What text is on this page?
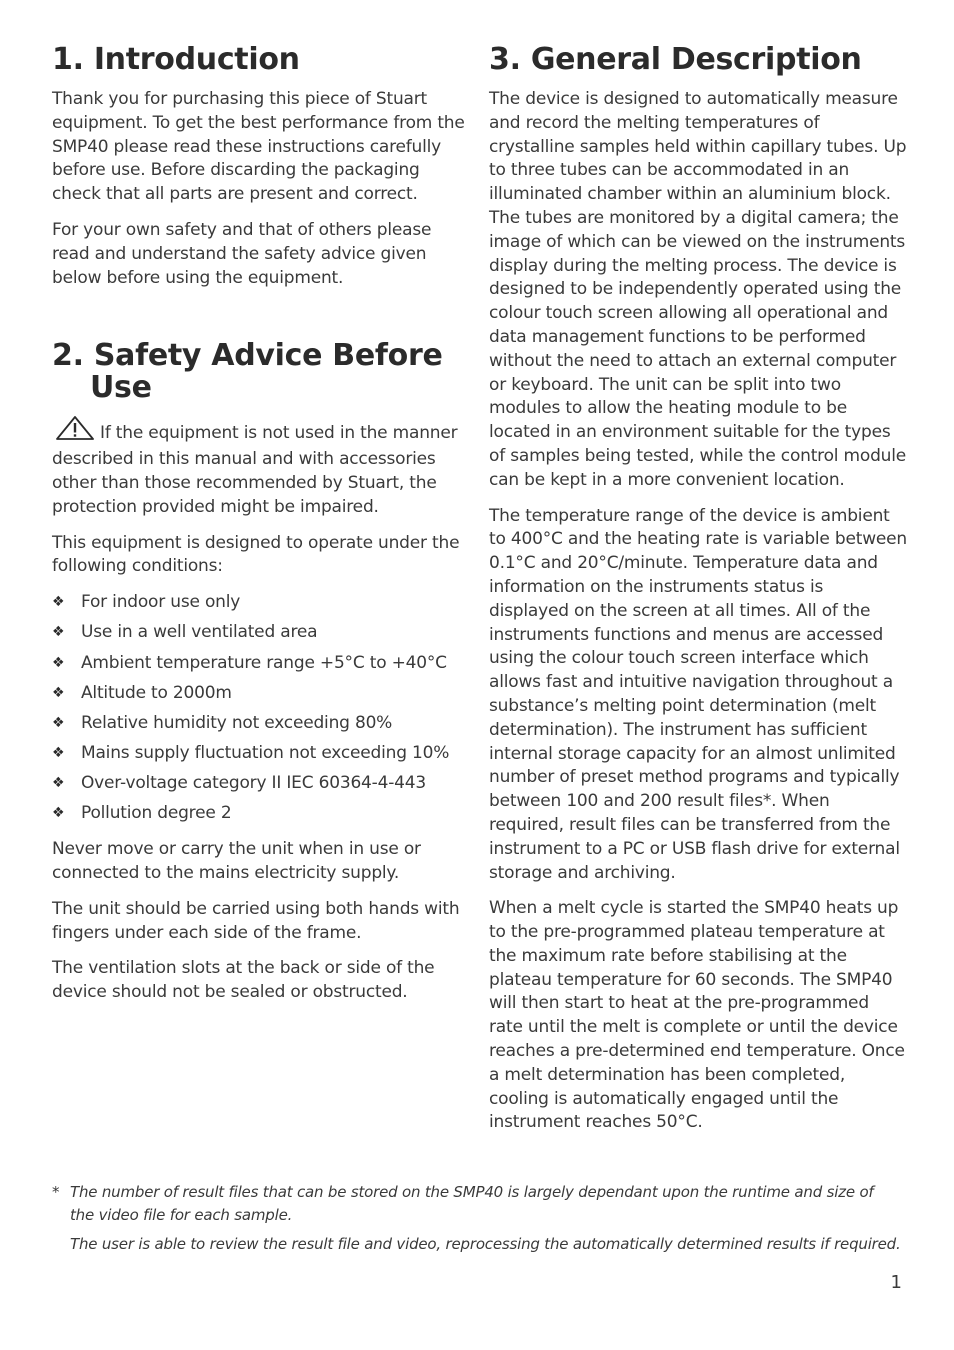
1. Introduction

Thank you for purchasing this piece of Stuart equipment. To get the best performance from the SMP40 please read these instructions carefully before use. Before discarding the packaging check that all parts are present and correct.

For your own safety and that of others please read and understand the safety advice given below before using the equipment.

2. Safety Advice Before Use

If the equipment is not used in the manner described in this manual and with accessories other than those recommended by Stuart, the protection provided might be impaired.

This equipment is designed to operate under the following conditions:

❖ For indoor use only
❖ Use in a well ventilated area
❖ Ambient temperature range +5°C to +40°C
❖ Altitude to 2000m
❖ Relative humidity not exceeding 80%
❖ Mains supply fluctuation not exceeding 10%
❖ Over-voltage category II IEC 60364-4-443
❖ Pollution degree 2

Never move or carry the unit when in use or connected to the mains electricity supply.

The unit should be carried using both hands with fingers under each side of the frame.

The ventilation slots at the back or side of the device should not be sealed or obstructed.

3. General Description

The device is designed to automatically measure and record the melting temperatures of crystalline samples held within capillary tubes. Up to three tubes can be accommodated in an illuminated chamber within an aluminium block. The tubes are monitored by a digital camera; the image of which can be viewed on the instruments display during the melting process. The device is designed to be independently operated using the colour touch screen allowing all operational and data management functions to be performed without the need to attach an external computer or keyboard. The unit can be split into two modules to allow the heating module to be located in an environment suitable for the types of samples being tested, while the control module can be kept in a more convenient location.

The temperature range of the device is ambient to 400°C and the heating rate is variable between 0.1°C and 20°C/minute. Temperature data and information on the instruments status is displayed on the screen at all times. All of the instruments functions and menus are accessed using the colour touch screen interface which allows fast and intuitive navigation throughout a substance’s melting point determination (melt determination). The instrument has sufficient internal storage capacity for an almost unlimited number of preset method programs and typically between 100 and 200 result files*. When required, result files can be transferred from the instrument to a PC or USB flash drive for external storage and archiving.

When a melt cycle is started the SMP40 heats up to the pre-programmed plateau temperature at the maximum rate before stabilising at the plateau temperature for 60 seconds. The SMP40 will then start to heat at the pre-programmed rate until the melt is complete or until the device reaches a pre-determined end temperature. Once a melt determination has been completed, cooling is automatically engaged until the instrument reaches 50°C.

* The number of result files that can be stored on the SMP40 is largely dependant upon the runtime and size of the video file for each sample.
The user is able to review the result file and video, reprocessing the automatically determined results if required.
1
